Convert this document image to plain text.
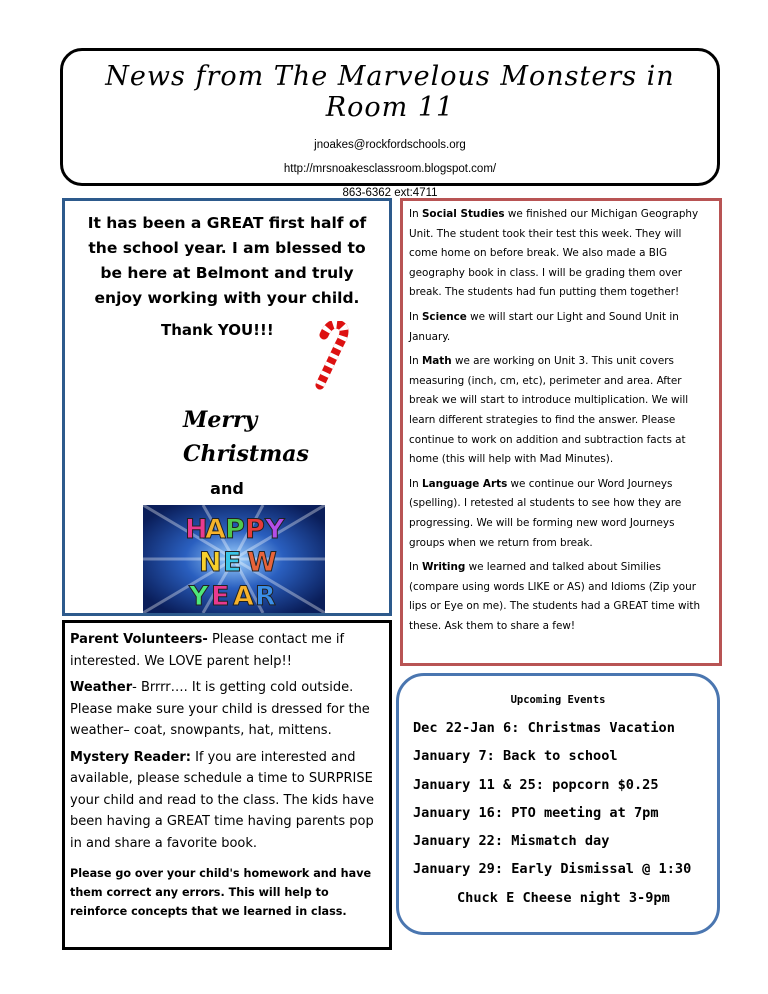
News from The Marvelous Monsters in Room 11
jnoakes@rockfordschools.org
http://mrsnoakesclassroom.blogspot.com/
863-6362 ext:4711
It has been a GREAT first half of the school year. I am blessed to be here at Belmont and truly enjoy working with your child.
Thank YOU!!!
Merry
Christmas
and
H
A P P Y
N E W
Y E A R

In Social Studies we finished our Michigan Geography Unit. The student took their test this week. They will come home on before break. We also made a BIG geography book in class. I will be grading them over break. The students had fun putting them together!

In Science we will start our Light and Sound Unit in January.

In Math we are working on Unit 3. This unit covers measuring (inch, cm, etc), perimeter and area. After break we will start to introduce multiplication. We will learn different strategies to find the answer. Please continue to work on addition and subtraction facts at home (this will help with Mad Minutes).

In Language Arts we continue our Word Journeys (spelling). I retested al students to see how they are progressing. We will be forming new word Journeys groups when we return from break.

In Writing we learned and talked about Similies (compare using words LIKE or AS) and Idioms (Zip your lips or Eye on me). The students had a GREAT time with these. Ask them to share a few!

Parent Volunteers- Please contact me if interested. We LOVE parent help!!

Weather- Brrrr…. It is getting cold outside. Please make sure your child is dressed for the weather– coat, snowpants, hat, mittens.

Mystery Reader: If you are interested and available, please schedule a time to SURPRISE your child and read to the class. The kids have been having a GREAT time having parents pop in and share a favorite book.

Please go over your child's homework and have them correct any errors. This will help to reinforce concepts that we learned in class.

Upcoming Events
Dec 22-Jan 6: Christmas Vacation
January 7: Back to school
January 11 & 25: popcorn $0.25
January 16: PTO meeting at 7pm
January 22: Mismatch day
January 29: Early Dismissal @ 1:30
Chuck E Cheese night 3-9pm
